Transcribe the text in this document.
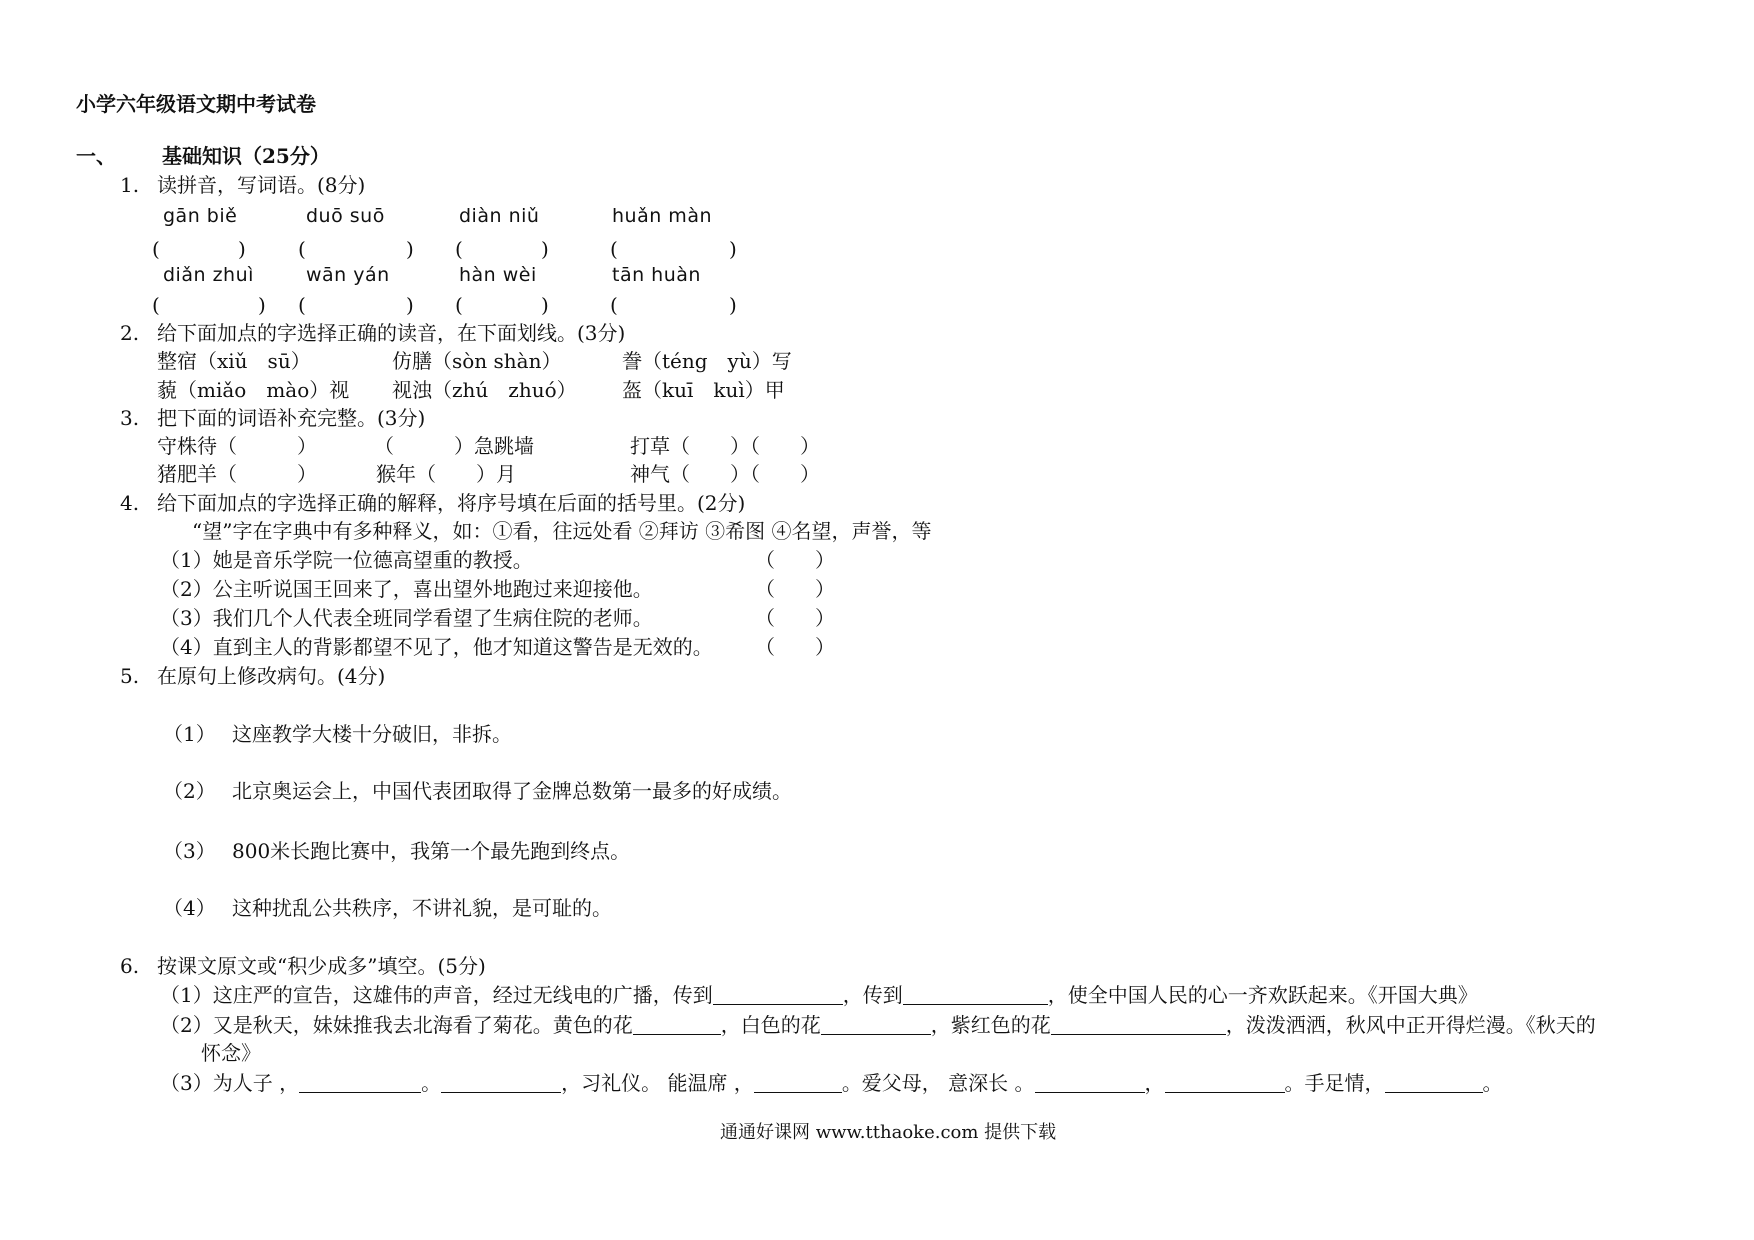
小学六年级语文期中考试卷
一、 基础知识（25分）
1. 读拼音，写词语。(8分)
gān biě	duō suō	diàn niǔ	huǎn màn
(	)	(	) (	)	(	)
diǎn zhuì	wān yán	hàn wèi	tān huàn
(	) (	) (	)	(	)
2. 给下面加点的字选择正确的读音，在下面划线。(3分)
整宿（xiǔ　sū）	仿膳（sòn shàn）	誊（téng　yù）写
藐（miǎo　mào）视 视浊（zhú　zhuó） 盔（kuī　kuì）甲
3. 把下面的词语补充完整。(3分)
守株待（　　　）	（　　　）急跳墙	打草（　　）（　　）
猪肥羊（　　　）	猴年（　　）月	神气（　　）（　　）
4. 给下面加点的字选择正确的解释，将序号填在后面的括号里。(2分)
“望”字在字典中有多种释义，如：①看，往远处看 ②拜访 ③希图 ④名望，声誉，等
（1）她是音乐学院一位德高望重的教授。	（　　）
（2）公主听说国王回来了，喜出望外地跑过来迎接他。	（　　）
（3）我们几个人代表全班同学看望了生病住院的老师。	（　　）
（4）直到主人的背影都望不见了，他才知道这警告是无效的。 （　　）
5. 在原句上修改病句。(4分)
（1） 这座教学大楼十分破旧，非拆。
（2） 北京奥运会上，中国代表团取得了金牌总数第一最多的好成绩。
（3） 800米长跑比赛中，我第一个最先跑到终点。
（4） 这种扰乱公共秩序，不讲礼貌，是可耻的。
6. 按课文原文或“积少成多”填空。(5分)
（1）这庄严的宣告，这雄伟的声音，经过无线电的广播，传到	，传到	，使全中国人民的心一齐欢跃起来。《开国大典》
（2）又是秋天，妹妹推我去北海看了菊花。黄色的花	，白色的花	，紫红色的花	，泼泼洒洒，秋风中正开得烂漫。《秋天的
怀念》
（3）为人子 ，	。	，习礼仪。 能温席 ，	。爱父母， 意深长 。	，	。手足情，	。
通通好课网 www.tthaoke.com 提供下载
